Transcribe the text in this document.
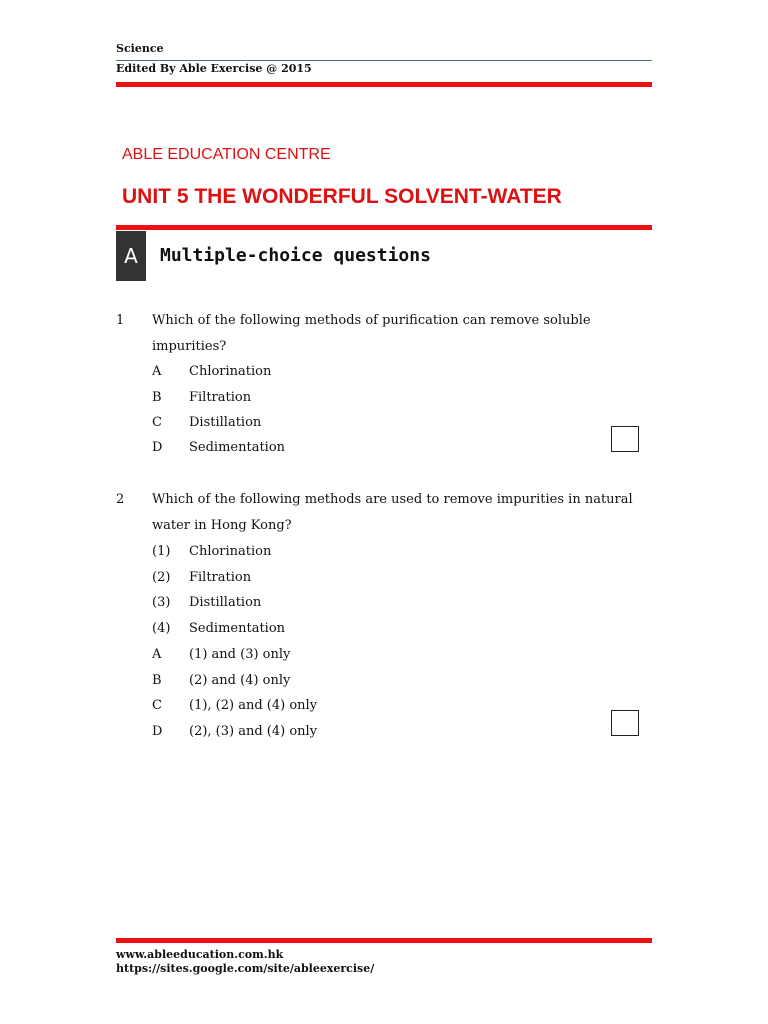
Science
Edited By Able Exercise @ 2015
ABLE EDUCATION CENTRE
UNIT 5 THE WONDERFUL SOLVENT-WATER
A Multiple-choice questions
1 Which of the following methods of purification can remove soluble
impurities?
A Chlorination
B Filtration
C Distillation
D Sedimentation
2 Which of the following methods are used to remove impurities in natural
water in Hong Kong?
(1) Chlorination
(2) Filtration
(3) Distillation
(4) Sedimentation
A (1) and (3) only
B (2) and (4) only
C (1), (2) and (4) only
D (2), (3) and (4) only
www.ableeducation.com.hk
https://sites.google.com/site/ableexercise/
